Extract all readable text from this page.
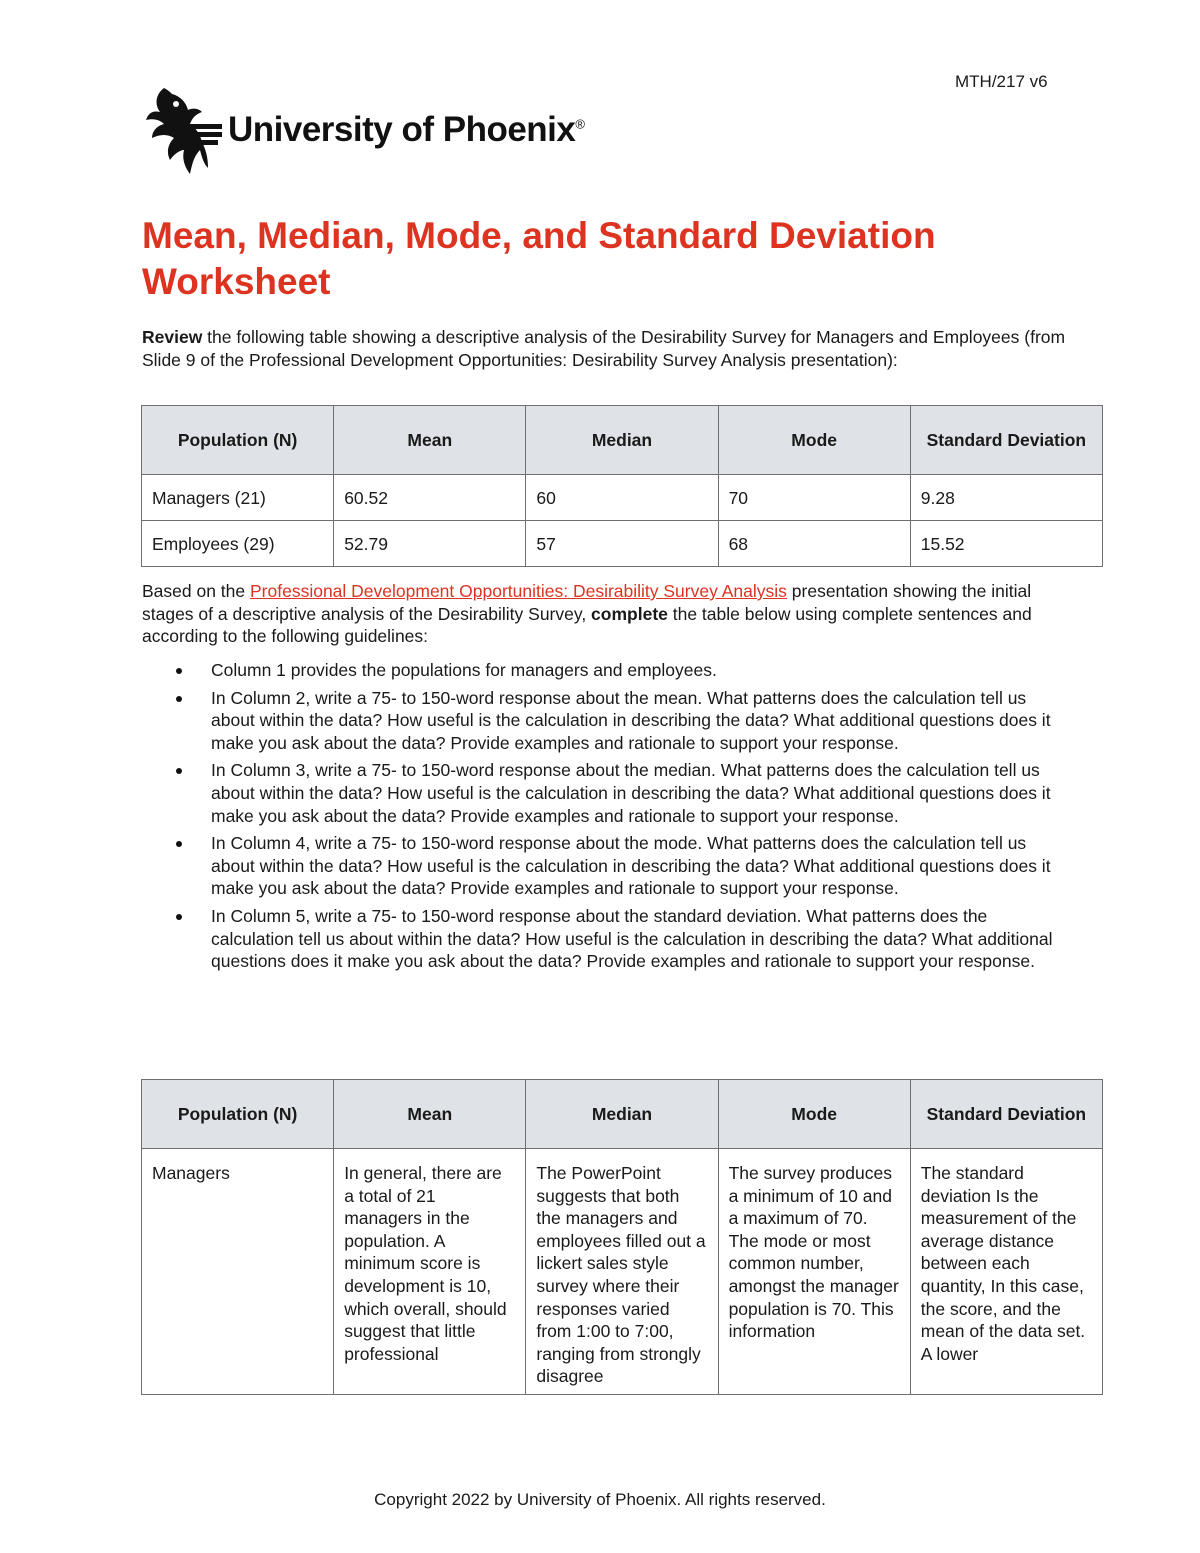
MTH/217 v6
University of Phoenix®
Mean, Median, Mode, and Standard Deviation Worksheet

Review the following table showing a descriptive analysis of the Desirability Survey for Managers and Employees (from Slide 9 of the Professional Development Opportunities: Desirability Survey Analysis presentation):

Population (N)	Mean	Median	Mode	Standard Deviation
Managers (21)	60.52	60	70	9.28
Employees (29)	52.79	57	68	15.52

Based on the Professional Development Opportunities: Desirability Survey Analysis presentation showing the initial stages of a descriptive analysis of the Desirability Survey, complete the table below using complete sentences and according to the following guidelines:

Column 1 provides the populations for managers and employees.
In Column 2, write a 75- to 150-word response about the mean. What patterns does the calculation tell us about within the data? How useful is the calculation in describing the data? What additional questions does it make you ask about the data? Provide examples and rationale to support your response.
In Column 3, write a 75- to 150-word response about the median. What patterns does the calculation tell us about within the data? How useful is the calculation in describing the data? What additional questions does it make you ask about the data? Provide examples and rationale to support your response.
In Column 4, write a 75- to 150-word response about the mode. What patterns does the calculation tell us about within the data? How useful is the calculation in describing the data? What additional questions does it make you ask about the data? Provide examples and rationale to support your response.
In Column 5, write a 75- to 150-word response about the standard deviation. What patterns does the calculation tell us about within the data? How useful is the calculation in describing the data? What additional questions does it make you ask about the data? Provide examples and rationale to support your response.
Population (N)	Mean	Median	Mode	Standard Deviation
Managers	In general, there are a total of 21 managers in the population. A minimum score is development is 10, which overall, should suggest that little professional	The PowerPoint suggests that both the managers and employees filled out a lickert sales style survey where their responses varied from 1:00 to 7:00, ranging from strongly disagree	The survey produces a minimum of 10 and a maximum of 70. The mode or most common number, amongst the manager population is 70. This information	The standard deviation Is the measurement of the average distance between each quantity, In this case, the score, and the mean of the data set. A lower
Copyright 2022 by University of Phoenix. All rights reserved.
